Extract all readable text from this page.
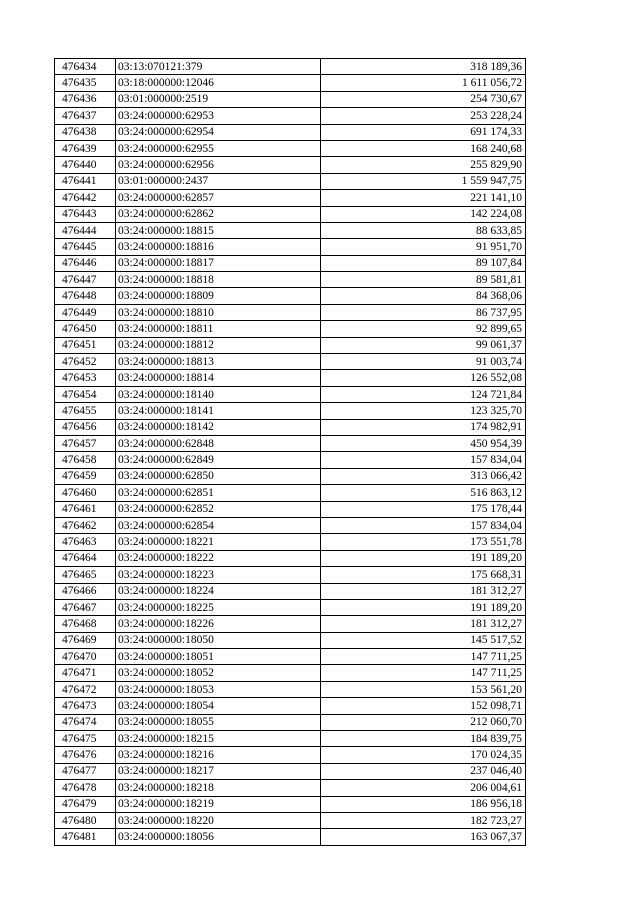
476434	03:13:070121:379	318 189,36
476435	03:18:000000:12046	1 611 056,72
476436	03:01:000000:2519	254 730,67
476437	03:24:000000:62953	253 228,24
476438	03:24:000000:62954	691 174,33
476439	03:24:000000:62955	168 240,68
476440	03:24:000000:62956	255 829,90
476441	03:01:000000:2437	1 559 947,75
476442	03:24:000000:62857	221 141,10
476443	03:24:000000:62862	142 224,08
476444	03:24:000000:18815	88 633,85
476445	03:24:000000:18816	91 951,70
476446	03:24:000000:18817	89 107,84
476447	03:24:000000:18818	89 581,81
476448	03:24:000000:18809	84 368,06
476449	03:24:000000:18810	86 737,95
476450	03:24:000000:18811	92 899,65
476451	03:24:000000:18812	99 061,37
476452	03:24:000000:18813	91 003,74
476453	03:24:000000:18814	126 552,08
476454	03:24:000000:18140	124 721,84
476455	03:24:000000:18141	123 325,70
476456	03:24:000000:18142	174 982,91
476457	03:24:000000:62848	450 954,39
476458	03:24:000000:62849	157 834,04
476459	03:24:000000:62850	313 066,42
476460	03:24:000000:62851	516 863,12
476461	03:24:000000:62852	175 178,44
476462	03:24:000000:62854	157 834,04
476463	03:24:000000:18221	173 551,78
476464	03:24:000000:18222	191 189,20
476465	03:24:000000:18223	175 668,31
476466	03:24:000000:18224	181 312,27
476467	03:24:000000:18225	191 189,20
476468	03:24:000000:18226	181 312,27
476469	03:24:000000:18050	145 517,52
476470	03:24:000000:18051	147 711,25
476471	03:24:000000:18052	147 711,25
476472	03:24:000000:18053	153 561,20
476473	03:24:000000:18054	152 098,71
476474	03:24:000000:18055	212 060,70
476475	03:24:000000:18215	184 839,75
476476	03:24:000000:18216	170 024,35
476477	03:24:000000:18217	237 046,40
476478	03:24:000000:18218	206 004,61
476479	03:24:000000:18219	186 956,18
476480	03:24:000000:18220	182 723,27
476481	03:24:000000:18056	163 067,37
